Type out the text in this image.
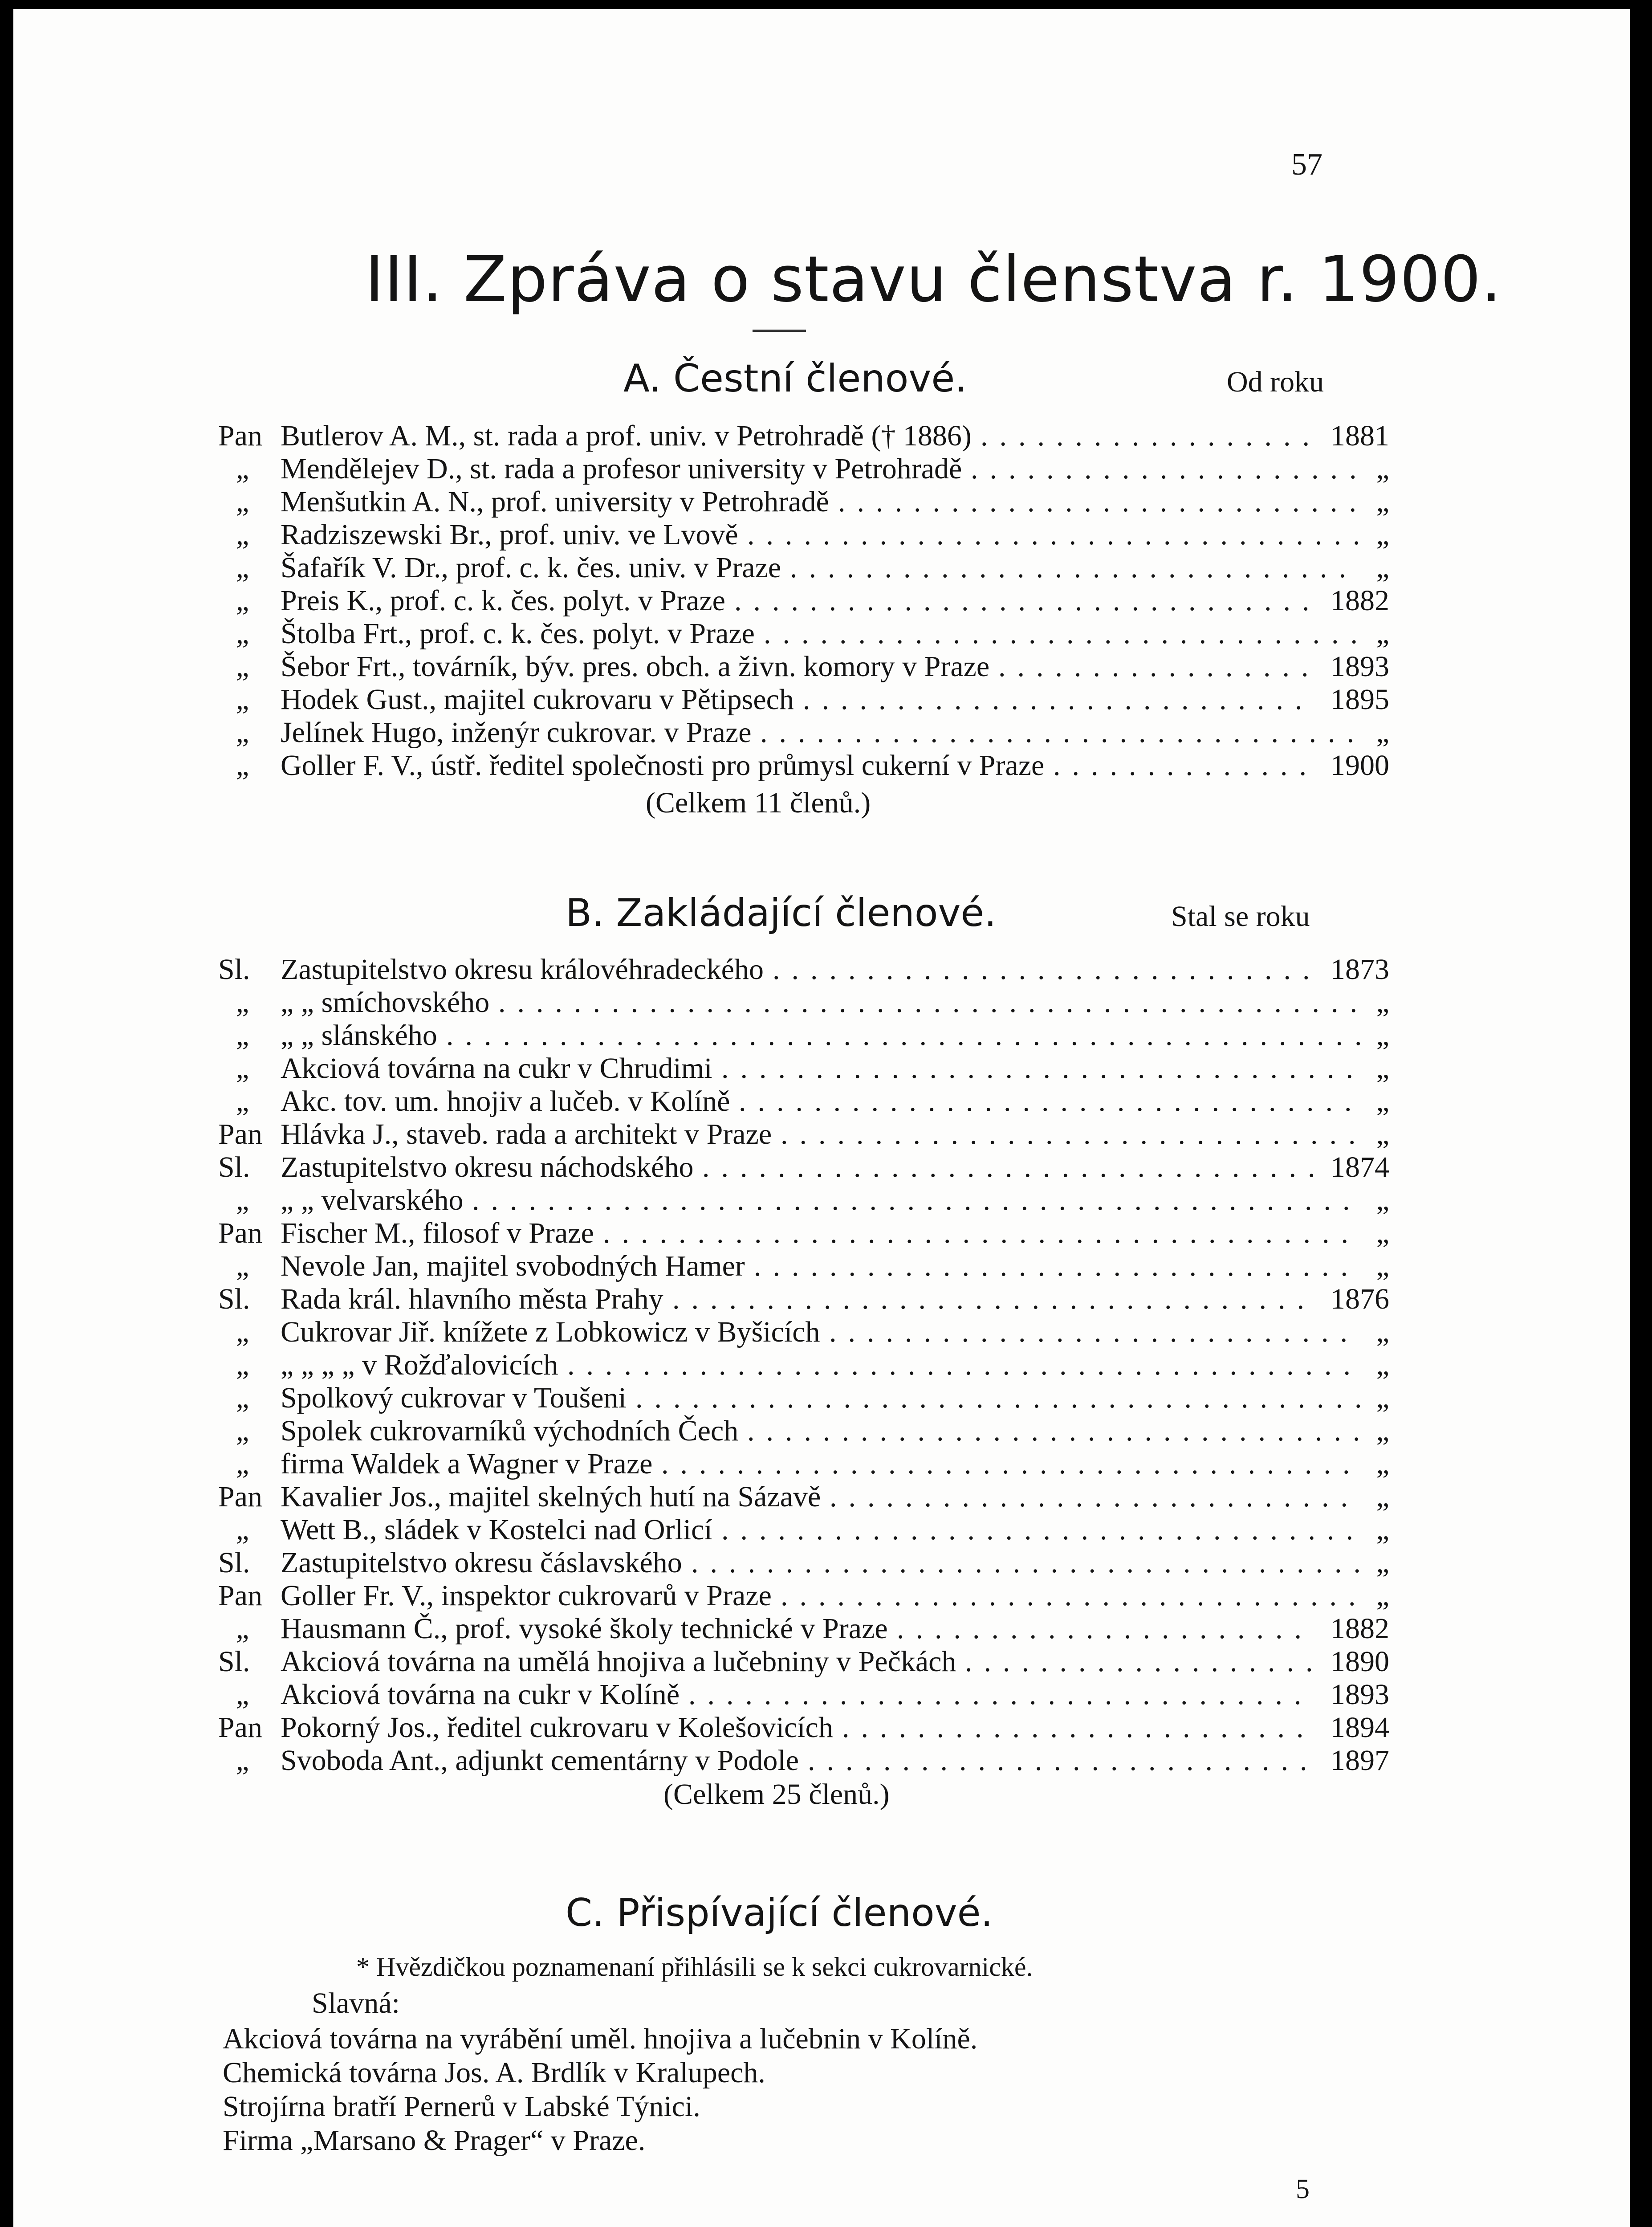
57
III. Zpráva o stavu členstva r. 1900.
A. Čestní členové.	Od roku
Pan Butlerov A. M., st. rada a prof. univ. v Petrohradě († 1886) .................. 1881
„ Mendělejev D., st. rada a profesor university v Petrohradě ..................... „
„ Menšutkin A. N., prof. university v Petrohradě ............................ „
„ Radziszewski Br., prof. univ. ve Lvově ................................. „
„ Šafařík V. Dr., prof. c. k. čes. univ. v Praze .............................. „
„ Preis K., prof. c. k. čes. polyt. v Praze ............................... 1882
„ Štolba Frt., prof. c. k. čes. polyt. v Praze ................................ „
„ Šebor Frt., továrník, býv. pres. obch. a živn. komory v Praze ................. 1893
„ Hodek Gust., majitel cukrovaru v Pětipsech ........................... 1895
„ Jelínek Hugo, inženýr cukrovar. v Praze ................................ „
„ Goller F. V., ústř. ředitel společnosti pro průmysl cukerní v Praze .............. 1900
(Celkem 11 členů.)
B. Zakládající členové.	Stal se roku
Sl. Zastupitelstvo okresu královéhradeckého ............................. 1873
„ „ „ smíchovského .............................................. „
„ „ „ slánského ................................................. „
„ Akciová továrna na cukr v Chrudimi .................................. „
„ Akc. tov. um. hnojiv a lučeb. v Kolíně ................................. „
Pan Hlávka J., staveb. rada a architekt v Praze ............................... „
Sl. Zastupitelstvo okresu náchodského ................................. 1874
„ „ „ velvarského ............................................... „
Pan Fischer M., filosof v Praze ........................................ „
„ Nevole Jan, majitel svobodných Hamer ................................ „
Sl. Rada král. hlavního města Prahy .................................. 1876
„ Cukrovar Jiř. knížete z Lobkowicz v Byšicích ............................ „
„ „ „ „ „ v Rožďalovicích .......................................... „
„ Spolkový cukrovar v Toušeni ....................................... „
„ Spolek cukrovarníků východních Čech ................................. „
„ firma Waldek a Wagner v Praze ..................................... „
Pan Kavalier Jos., majitel skelných hutí na Sázavě ............................ „
„ Wett B., sládek v Kostelci nad Orlicí .................................. „
Sl. Zastupitelstvo okresu čáslavského .................................... „
Pan Goller Fr. V., inspektor cukrovarů v Praze ............................... „
„ Hausmann Č., prof. vysoké školy technické v Praze ...................... 1882
Sl. Akciová továrna na umělá hnojiva a lučebniny v Pečkách ................... 1890
„ Akciová továrna na cukr v Kolíně ................................. 1893
Pan Pokorný Jos., ředitel cukrovaru v Kolešovicích ......................... 1894
„ Svoboda Ant., adjunkt cementárny v Podole ........................... 1897
(Celkem 25 členů.)
C. Přispívající členové.
* Hvězdičkou poznamenaní přihlásili se k sekci cukrovarnické.
Slavná:
Akciová továrna na vyrábění uměl. hnojiva a lučebnin v Kolíně.
Chemická továrna Jos. A. Brdlík v Kralupech.
Strojírna bratří Pernerů v Labské Týnici.
Firma „Marsano & Prager“ v Praze.
5
